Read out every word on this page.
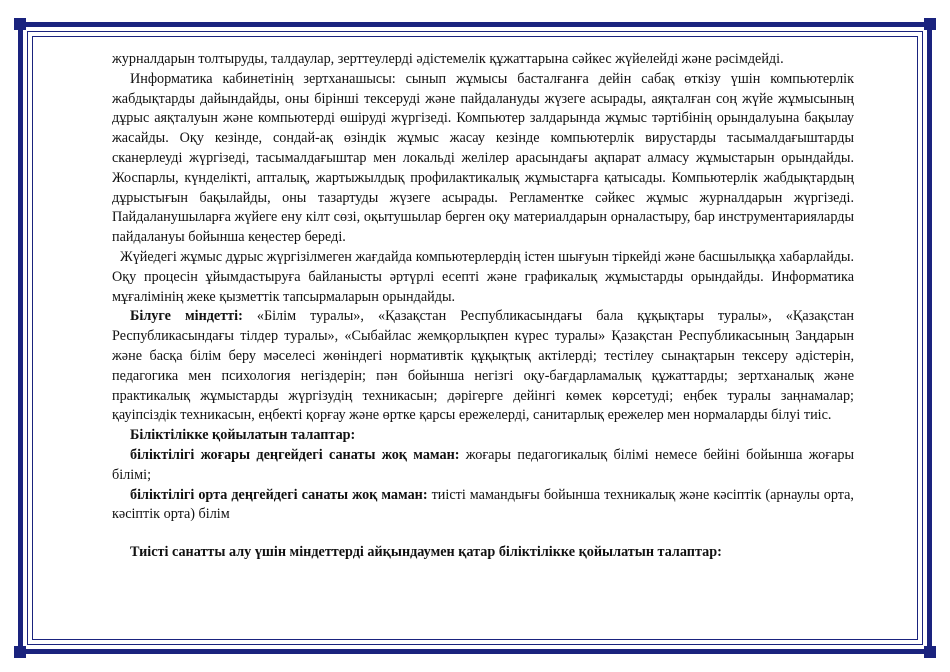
журналдарын толтыруды, талдаулар, зерттеулерді әдістемелік құжаттарына сәйкес жүйелейді және рәсімдейді.

Информатика кабинетінің зертханашысы: сынып жұмысы басталғанға дейін сабақ өткізу үшін компьютерлік жабдықтарды дайындайды, оны бірінші тексеруді және пайдалануды жүзеге асырады, аяқталған соң жүйе жұмысының дұрыс аяқталуын және компьютерді өшіруді жүргізеді. Компьютер залдарында жұмыс тәртібінің орындалуына бақылау жасайды. Оқу кезінде, сондай-ақ өзіндік жұмыс жасау кезінде компьютерлік вирустарды тасымалдағыштарды сканерлеуді жүргізеді, тасымалдағыштар мен локальді желілер арасындағы ақпарат алмасу жұмыстарын орындайды. Жоспарлы, күнделікті, апталық, жартыжылдық профилактикалық жұмыстарға қатысады. Компьютерлік жабдықтардың дұрыстығын бақылайды, оны тазартуды жүзеге асырады. Регламентке сәйкес жұмыс журналдарын жүргізеді. Пайдаланушыларға жүйеге ену кілт сөзі, оқытушылар берген оқу материалдарын орналастыру, бар инструментарияларды пайдалануы бойынша кеңестер береді.

Жүйедегі жұмыс дұрыс жүргізілмеген жағдайда компьютерлердің істен шығуын тіркейді және басшылыққа хабарлайды. Оқу процесін ұйымдастыруға байланысты әртүрлі есепті және графикалық жұмыстарды орындайды. Информатика мұғалімінің жеке қызметтік тапсырмаларын орындайды.

Білуге міндетті: «Білім туралы», «Қазақстан Республикасындағы бала құқықтары туралы», «Қазақстан Республикасындағы тілдер туралы», «Сыбайлас жемқорлықпен күрес туралы» Қазақстан Республикасының Заңдарын және басқа білім беру мәселесі жөніндегі нормативтік құқықтық актілерді; тестілеу сынақтарын тексеру әдістерін, педагогика мен психология негіздерін; пән бойынша негізгі оқу-бағдарламалық құжаттарды; зертханалық және практикалық жұмыстарды жүргізудің техникасын; дәрігерге дейінгі көмек көрсетуді; еңбек туралы заңнамалар; қауіпсіздік техникасын, еңбекті қорғау және өртке қарсы ережелерді, санитарлық ережелер мен нормаларды білуі тиіс.

Біліктілікке қойылатын талаптар:

біліктілігі жоғары деңгейдегі санаты жоқ маман: жоғары педагогикалық білімі немесе бейіні бойынша жоғары білімі;

біліктілігі орта деңгейдегі санаты жоқ маман: тиісті мамандығы бойынша техникалық және кәсіптік (арнаулы орта, кәсіптік орта) білім

Тиісті санатты алу үшін міндеттерді айқындаумен қатар біліктілікке қойылатын талаптар:
